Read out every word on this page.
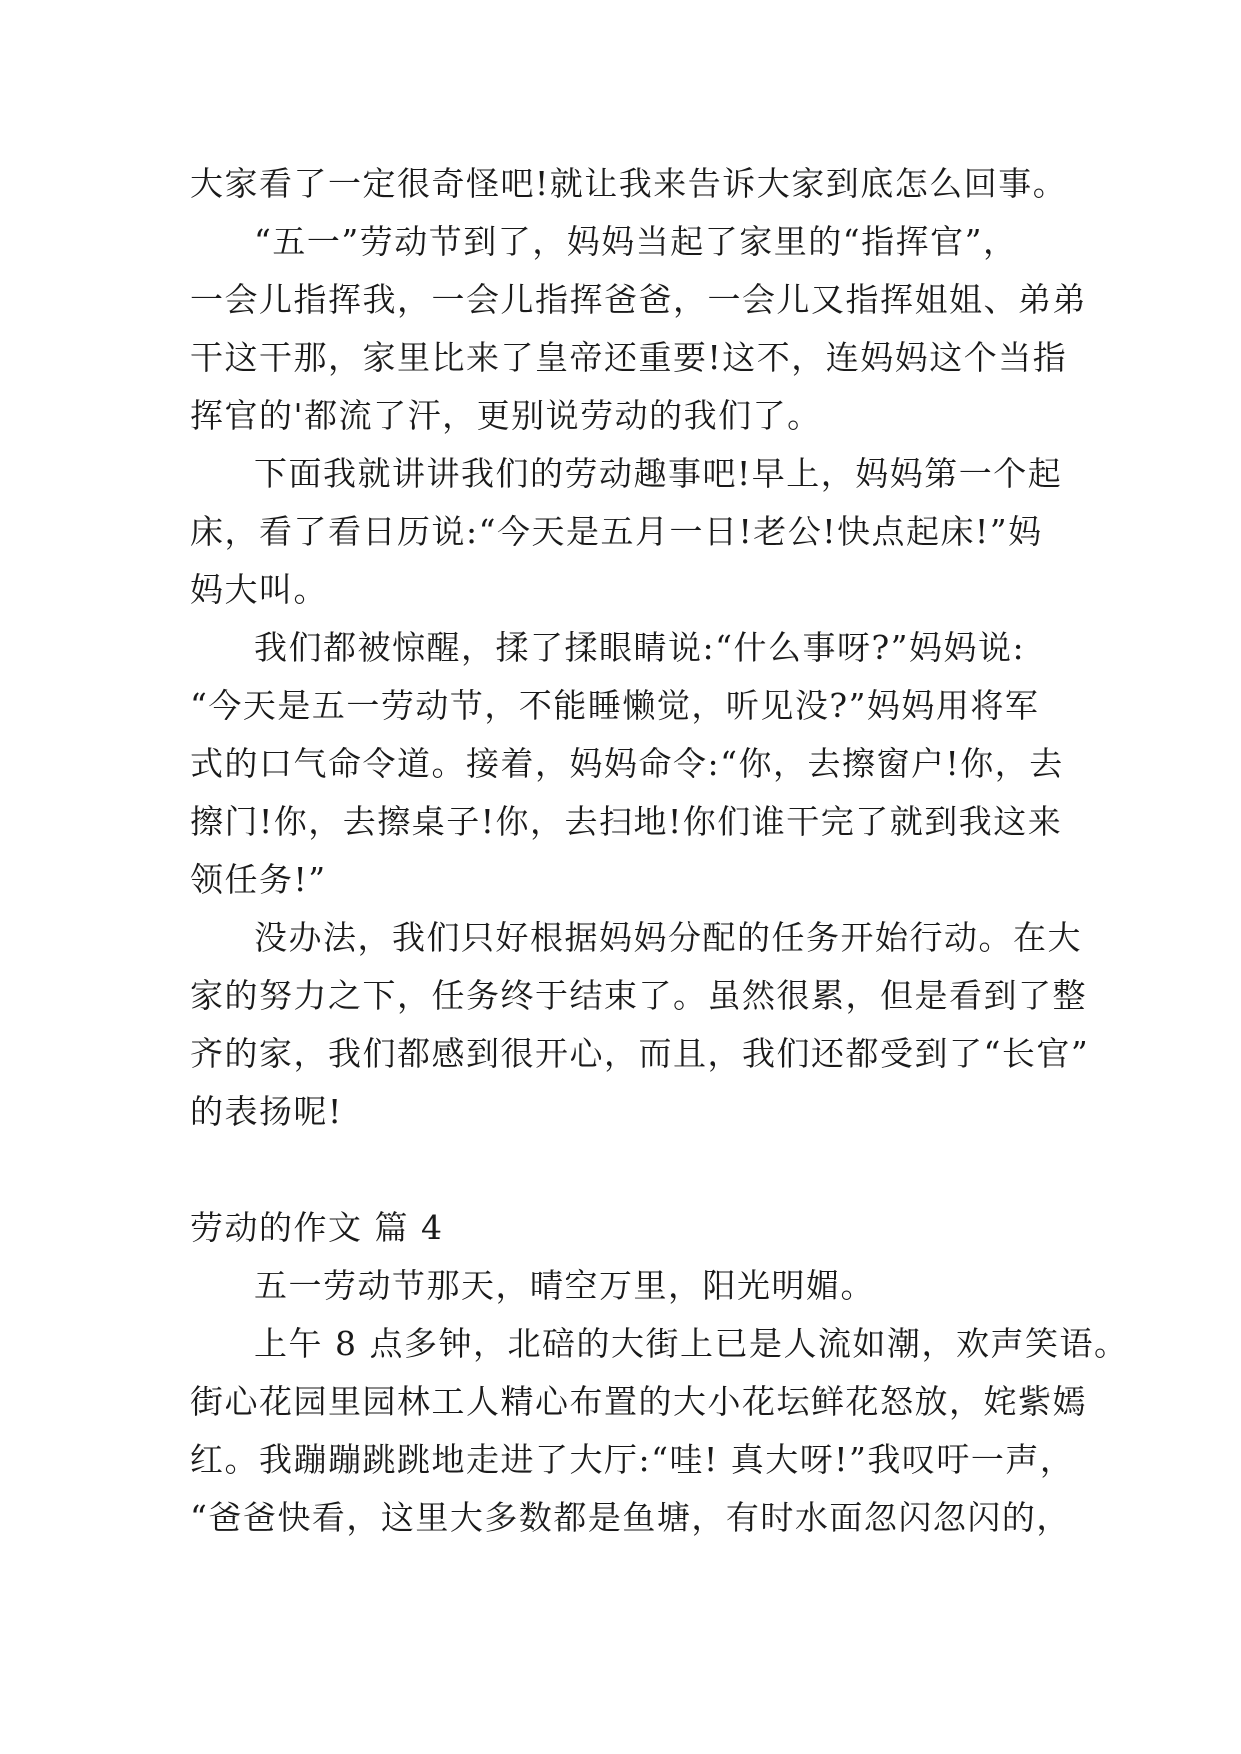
大家看了一定很奇怪吧!就让我来告诉大家到底怎么回事。
“五一”劳动节到了，妈妈当起了家里的“指挥官”，
一会儿指挥我，一会儿指挥爸爸，一会儿又指挥姐姐、弟弟
干这干那，家里比来了皇帝还重要!这不，连妈妈这个当指
挥官的'都流了汗，更别说劳动的我们了。
下面我就讲讲我们的劳动趣事吧!早上，妈妈第一个起
床，看了看日历说:“今天是五月一日!老公!快点起床!”妈
妈大叫。
我们都被惊醒，揉了揉眼睛说:“什么事呀?”妈妈说:
“今天是五一劳动节，不能睡懒觉，听见没?”妈妈用将军
式的口气命令道。接着，妈妈命令:“你，去擦窗户!你，去
擦门!你，去擦桌子!你，去扫地!你们谁干完了就到我这来
领任务!”
没办法，我们只好根据妈妈分配的任务开始行动。在大
家的努力之下，任务终于结束了。虽然很累，但是看到了整
齐的家，我们都感到很开心，而且，我们还都受到了“长官”
的表扬呢!
劳动的作文 篇 4
五一劳动节那天，晴空万里，阳光明媚。
上午 8 点多钟，北碚的大街上已是人流如潮，欢声笑语。
街心花园里园林工人精心布置的大小花坛鲜花怒放，姹紫嫣
红。我蹦蹦跳跳地走进了大厅:“哇! 真大呀!”我叹吁一声，
“爸爸快看，这里大多数都是鱼塘，有时水面忽闪忽闪的，
